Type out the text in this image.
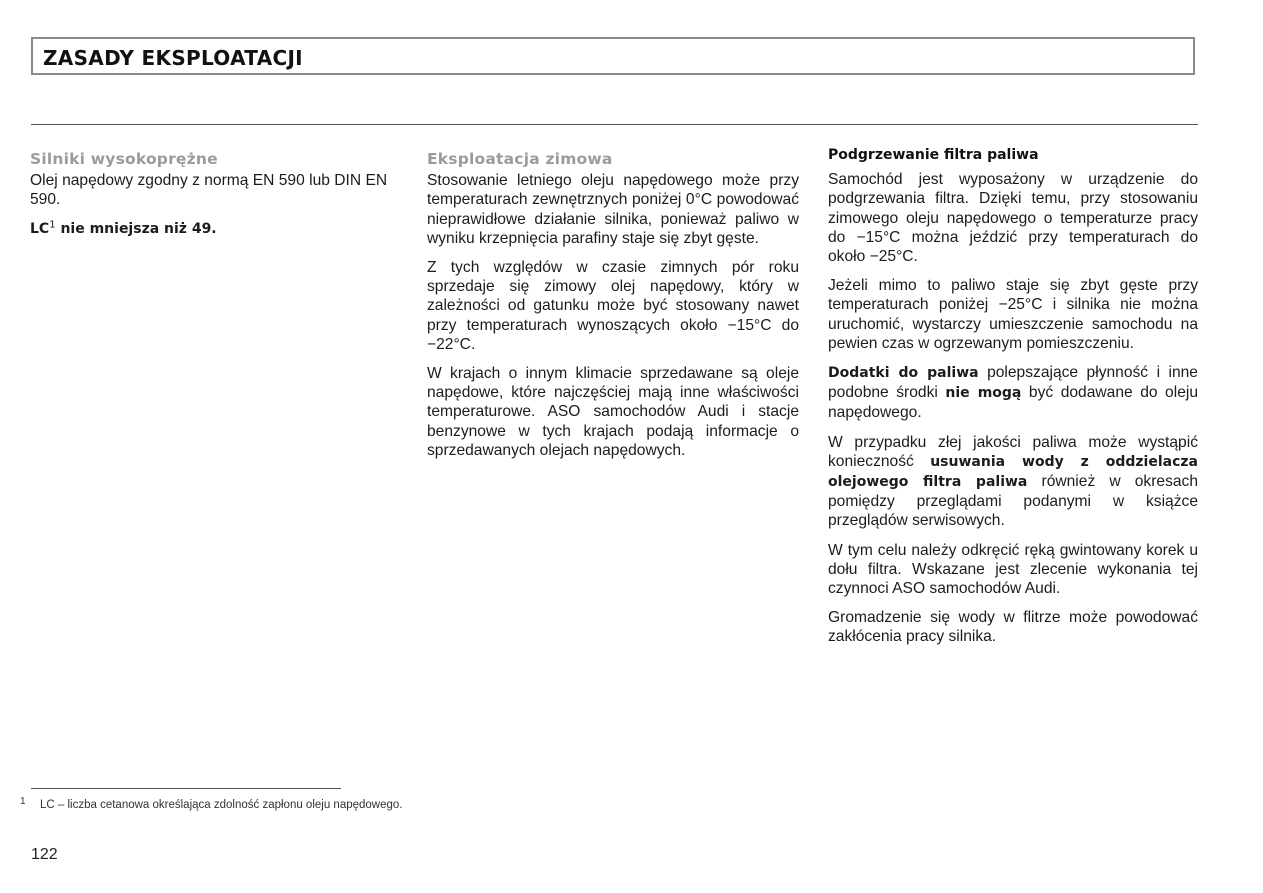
ZASADY EKSPLOATACJI
Silniki wysokoprężne

Olej napędowy zgodny z normą EN 590 lub DIN EN 590.

$LC^1$ nie mniejsza niż 49.
Eksploatacja zimowa

Stosowanie letniego oleju napędowego może przy temperaturach zewnętrznych poniżej 0°C powodować nieprawidłowe działanie silnika, ponieważ paliwo w wyniku krzepnięcia parafiny staje się zbyt gęste.

Z tych względów w czasie zimnych pór roku sprzedaje się zimowy olej napędowy, który w zależności od gatunku może być stosowany nawet przy temperaturach wynoszących około −15°C do −22°C.

W krajach o innym klimacie sprzedawane są oleje napędowe, które najczęściej mają inne właściwości temperaturowe. ASO samochodów Audi i stacje benzynowe w tych krajach podają informacje o sprzedawanych olejach napędowych.

Podgrzewanie filtra paliwa

Samochód jest wyposażony w urządzenie do podgrzewania filtra. Dzięki temu, przy stosowaniu zimowego oleju napędowego o temperaturze pracy do −15°C można jeździć przy temperaturach do około −25°C.

Jeżeli mimo to paliwo staje się zbyt gęste przy temperaturach poniżej −25°C i silnika nie można uruchomić, wystarczy umieszczenie samochodu na pewien czas w ogrzewanym pomieszczeniu.

Dodatki do paliwa polepszające płynność i inne podobne środki nie mogą być dodawane do oleju napędowego.

W przypadku złej jakości paliwa może wystąpić konieczność usuwania wody z oddzielacza olejowego filtra paliwa również w okresach pomiędzy przeglądami podanymi w książce przeglądów serwisowych.

W tym celu należy odkręcić ręką gwintowany korek u dołu filtra. Wskazane jest zlecenie wykonania tej czynnoci ASO samochodów Audi.

Gromadzenie się wody w flitrze może powodować zakłócenia pracy silnika.

1 LC – liczba cetanowa określająca zdolność zapłonu oleju napędowego.
122
